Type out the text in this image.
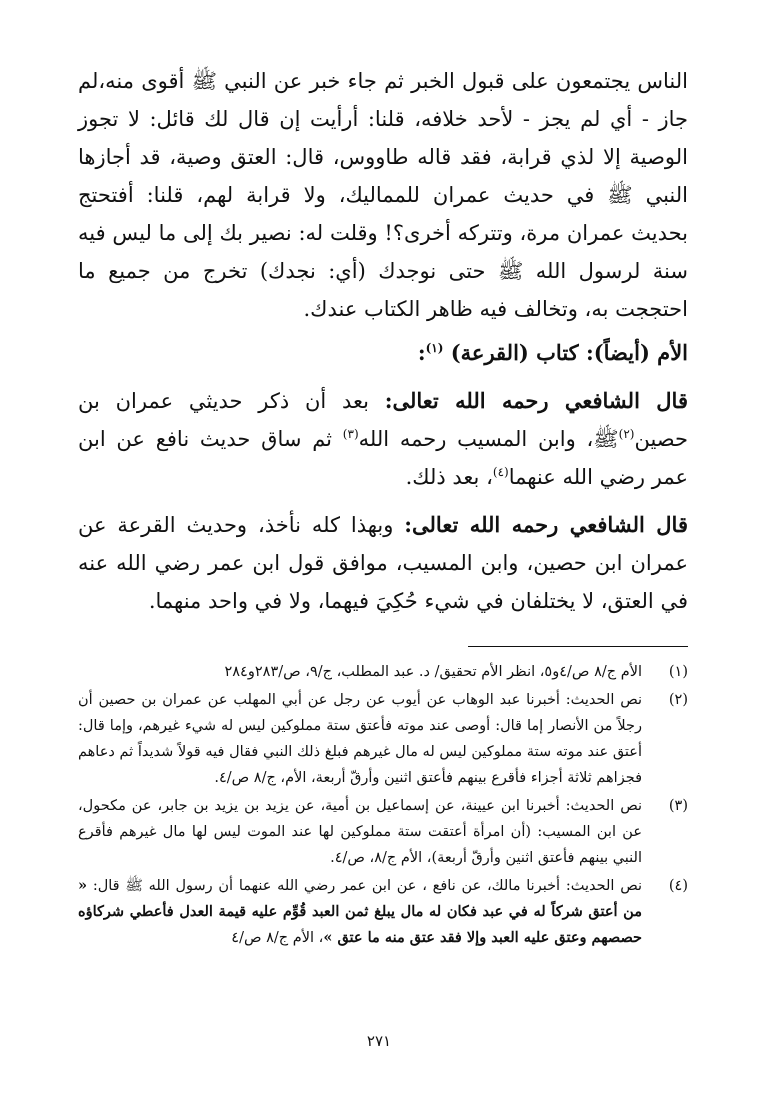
الناس يجتمعون على قبول الخبر ثم جاء خبر عن النبي ﷺ أقوى منه،لم جاز - أي لم يجز - لأحد خلافه، قلنا: أرأيت إن قال لك قائل: لا تجوز الوصية إلا لذي قرابة، فقد قاله طاووس، قال: العتق وصية، قد أجازها النبي ﷺ في حديث عمران للمماليك، ولا قرابة لهم، قلنا: أفتحتج بحديث عمران مرة، وتتركه أخرى؟! وقلت له: نصير بك إلى ما ليس فيه سنة لرسول الله ﷺ حتى نوجدك (أي: نجدك) تخرج من جميع ما احتججت به، وتخالف فيه ظاهر الكتاب عندك.

الأم (أيضاً): كتاب (القرعة) $^{(١)}$:

قال الشافعي رحمه الله تعالى: بعد أن ذكر حديثي عمران بن حصين$^{(٢)}$ﷺ، وابن المسيب رحمه الله$^{(٣)}$ ثم ساق حديث نافع عن ابن عمر رضي الله عنهما$^{(٤)}$، بعد ذلك.

قال الشافعي رحمه الله تعالى: وبهذا كله نأخذ، وحديث القرعة عن عمران ابن حصين، وابن المسيب، موافق قول ابن عمر رضي الله عنه في العتق، لا يختلفان في شيء حُكِيَ فيهما، ولا في واحد منهما.

(١)
الأم ج/٨ ص/٤و٥، انظر الأم تحقيق/ د. عبد المطلب، ج/٩، ص/٢٨٣و٢٨٤
(٢)
نص الحديث: أخبرنا عبد الوهاب عن أيوب عن رجل عن أبي المهلب عن عمران بن حصين أن رجلاً من الأنصار إما قال: أوصى عند موته فأعتق ستة مملوكين ليس له شيء غيرهم، وإما قال: أعتق عند موته ستة مملوكين ليس له مال غيرهم فبلغ ذلك النبي فقال فيه قولاً شديداً ثم دعاهم فجزاهم ثلاثة أجزاء فأقرع بينهم فأعتق اثنين وأرقّ أربعة، الأم، ج/٨ ص/٤.
(٣)
نص الحديث: أخبرنا ابن عيينة، عن إسماعيل بن أمية، عن يزيد بن يزيد بن جابر، عن مكحول، عن ابن المسيب: (أن امرأة أعتقت ستة مملوكين لها عند الموت ليس لها مال غيرهم فأقرع النبي بينهم فأعتق اثنين وأرقّ أربعة)، الأم ج/٨، ص/٤.
(٤)
نص الحديث: أخبرنا مالك، عن نافع ، عن ابن عمر رضي الله عنهما أن رسول الله ﷺ قال: « من أعتق شركاً له في عبد فكان له مال يبلغ ثمن العبد قُوِّم عليه قيمة العدل فأعطي شركاؤه حصصهم وعتق عليه العبد وإلا فقد عتق منه ما عتق »، الأم ج/٨ ص/٤
٢٧١
